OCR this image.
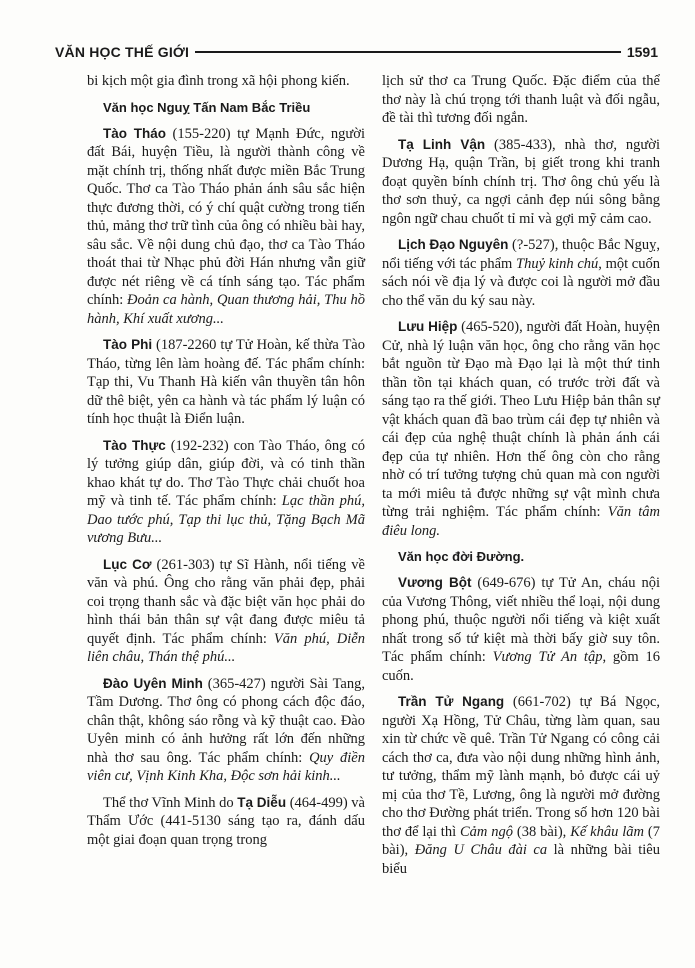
VĂN HỌC THẾ GIỚI	1591

bi kịch một gia đình trong xã hội phong kiến.

Văn học Nguỵ Tấn Nam Bắc Triều

Tào Tháo (155-220) tự Mạnh Đức, người đất Bái, huyện Tiều, là người thành công về mặt chính trị, thống nhất được miền Bắc Trung Quốc. Thơ ca Tào Tháo phản ánh sâu sắc hiện thực đương thời, có ý chí quật cường trong tiến thủ, mảng thơ trữ tình của ông có nhiều bài hay, sâu sắc. Về nội dung chủ đạo, thơ ca Tào Tháo thoát thai từ Nhạc phủ đời Hán nhưng vẫn giữ được nét riêng về cá tính sáng tạo. Tác phẩm chính: Đoản ca hành, Quan thương hải, Thu hồ hành, Khí xuất xương...

Tào Phi (187-2260 tự Tử Hoàn, kế thừa Tào Tháo, từng lên làm hoàng đế. Tác phẩm chính: Tạp thi, Vu Thanh Hà kiến vân thuyền tân hôn dữ thê biệt, yên ca hành và tác phẩm lý luận có tính học thuật là Điển luận.

Tào Thực (192-232) con Tào Tháo, ông có lý tưởng giúp dân, giúp đời, và có tinh thần khao khát tự do. Thơ Tào Thực chải chuốt hoa mỹ và tinh tế. Tác phẩm chính: Lạc thần phú, Dao tước phú, Tạp thi lục thủ, Tặng Bạch Mã vương Bưu...

Lục Cơ (261-303) tự Sĩ Hành, nổi tiếng về văn và phú. Ông cho rằng văn phải đẹp, phải coi trọng thanh sắc và đặc biệt văn học phải do hình thái bản thân sự vật đang được miêu tả quyết định. Tác phẩm chính: Văn phú, Diễn liên châu, Thán thệ phú...

Đào Uyên Minh (365-427) người Sài Tang, Tầm Dương. Thơ ông có phong cách độc đáo, chân thật, không sáo rỗng và kỹ thuật cao. Đào Uyên minh có ảnh hưởng rất lớn đến những nhà thơ sau ông. Tác phẩm chính: Quy điền viên cư, Vịnh Kinh Kha, Độc sơn hải kinh...

Thể thơ Vĩnh Minh do Tạ Diễu (464-499) và Thẩm Ước (441-5130 sáng tạo ra, đánh dấu một giai đoạn quan trọng trong

lịch sử thơ ca Trung Quốc. Đặc điểm của thể thơ này là chú trọng tới thanh luật và đối ngẫu, đề tài thì tương đối ngắn.

Tạ Linh Vận (385-433), nhà thơ, người Dương Hạ, quận Trần, bị giết trong khi tranh đoạt quyền bính chính trị. Thơ ông chủ yếu là thơ sơn thuỷ, ca ngợi cảnh đẹp núi sông bằng ngôn ngữ chau chuốt tỉ mỉ và gợi mỹ cảm cao.

Lịch Đạo Nguyên (?-527), thuộc Bắc Nguỵ, nổi tiếng với tác phẩm Thuỷ kinh chú, một cuốn sách nói về địa lý và được coi là người mở đầu cho thể văn du ký sau này.

Lưu Hiệp (465-520), người đất Hoàn, huyện Cử, nhà lý luận văn học, ông cho rằng văn học bắt nguồn từ Đạo mà Đạo lại là một thứ tinh thần tồn tại khách quan, có trước trời đất và sáng tạo ra thế giới. Theo Lưu Hiệp bản thân sự vật khách quan đã bao trùm cái đẹp tự nhiên và cái đẹp của nghệ thuật chính là phản ánh cái đẹp của tự nhiên. Hơn thế ông còn cho rằng nhờ có trí tưởng tượng chủ quan mà con người ta mới miêu tả được những sự vật mình chưa từng trải nghiệm. Tác phẩm chính: Văn tâm điêu long.

Văn học đời Đường.

Vương Bột (649-676) tự Tử An, cháu nội của Vương Thông, viết nhiều thể loại, nội dung phong phú, thuộc người nổi tiếng và kiệt xuất nhất trong số tứ kiệt mà thời bấy giờ suy tôn. Tác phẩm chính: Vương Tử An tập, gồm 16 cuốn.

Trần Tử Ngang (661-702) tự Bá Ngọc, người Xạ Hồng, Tử Châu, từng làm quan, sau xin từ chức về quê. Trần Tử Ngang có công cải cách thơ ca, đưa vào nội dung những hình ảnh, tư tưởng, thẩm mỹ lành mạnh, bỏ được cái uỷ mị của thơ Tề, Lương, ông là người mở đường cho thơ Đường phát triển. Trong số hơn 120 bài thơ để lại thì Cảm ngộ (38 bài), Kế khâu lãm (7 bài), Đăng U Châu đài ca là những bài tiêu biểu
